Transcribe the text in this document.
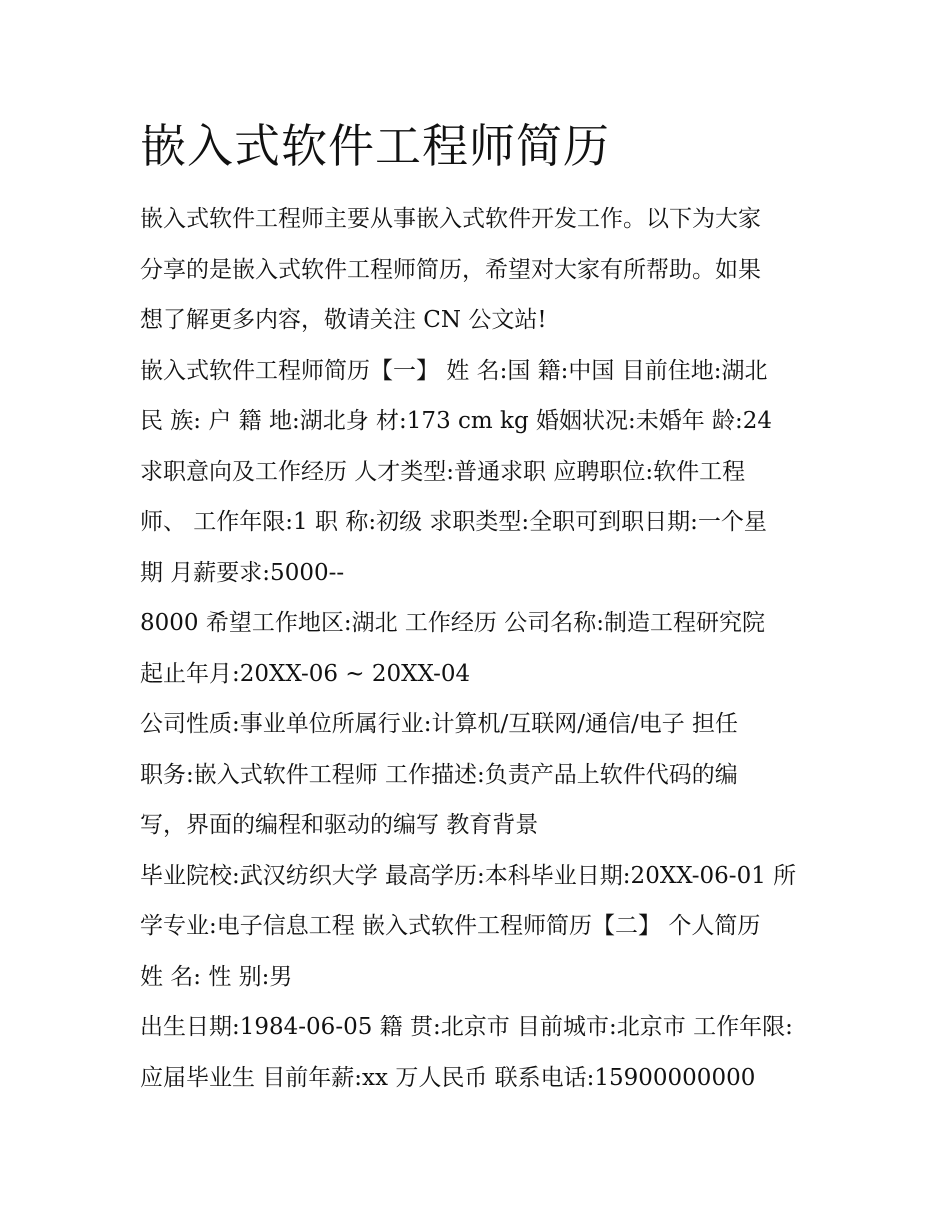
嵌入式软件工程师简历

嵌入式软件工程师主要从事嵌入式软件开发工作。以下为大家
分享的是嵌入式软件工程师简历，希望对大家有所帮助。如果
想了解更多内容，敬请关注 CN 公文站!

嵌入式软件工程师简历【一】 姓 名:国 籍:中国 目前住地:湖北
民 族: 户 籍 地:湖北身 材:173 cm kg 婚姻状况:未婚年 龄:24

求职意向及工作经历 人才类型:普通求职 应聘职位:软件工程
师、 工作年限:1 职 称:初级 求职类型:全职可到职日期:一个星
期 月薪要求:5000--

8000 希望工作地区:湖北 工作经历 公司名称:制造工程研究院
起止年月:20XX-06 ~ 20XX-04

公司性质:事业单位所属行业:计算机/互联网/通信/电子 担任
职务:嵌入式软件工程师 工作描述:负责产品上软件代码的编
写，界面的编程和驱动的编写 教育背景

毕业院校:武汉纺织大学 最高学历:本科毕业日期:20XX-06-01 所
学专业:电子信息工程 嵌入式软件工程师简历【二】 个人简历
姓 名: 性 别:男

出生日期:1984-06-05 籍 贯:北京市 目前城市:北京市 工作年限:
应届毕业生 目前年薪:xx 万人民币 联系电话:15900000000
